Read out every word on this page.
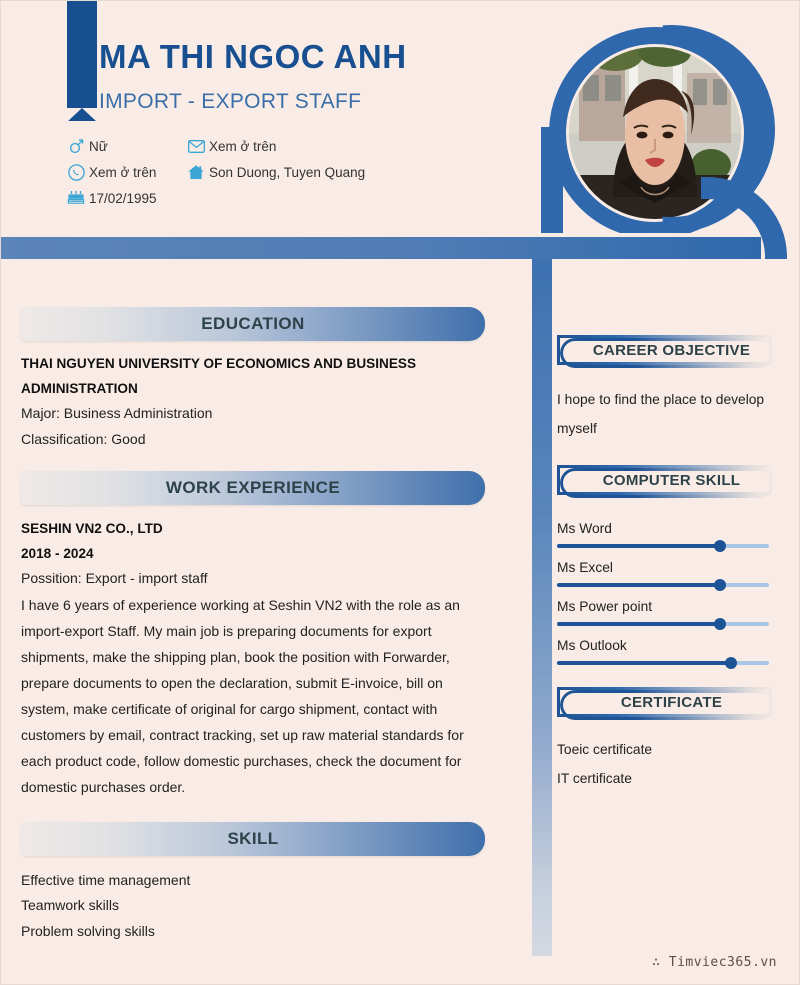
MA THI NGOC ANH
IMPORT - EXPORT STAFF
Nữ	Xem ở trên
Xem ở trên	Son Duong, Tuyen Quang
17/02/1995
EDUCATION
THAI NGUYEN UNIVERSITY OF ECONOMICS AND BUSINESS ADMINISTRATION
Major: Business Administration
Classification: Good
WORK EXPERIENCE
SESHIN VN2 CO., LTD
2018 - 2024
Possition: Export - import staff
I have 6 years of experience working at Seshin VN2 with the role as an import-export Staff. My main job is preparing documents for export shipments, make the shipping plan, book the position with Forwarder, prepare documents to open the declaration, submit E-invoice, bill on system, make certificate of original for cargo shipment, contact with customers by email, contract tracking, set up raw material standards for each product code, follow domestic purchases, check the document for domestic purchases order.
SKILL
Effective time management
Teamwork skills
Problem solving skills
CAREER OBJECTIVE
I hope to find the place to develop myself
COMPUTER SKILL
Ms Word
Ms Excel
Ms Power point
Ms Outlook
CERTIFICATE
Toeic certificate
IT certificate
∴ Timviec365.vn
